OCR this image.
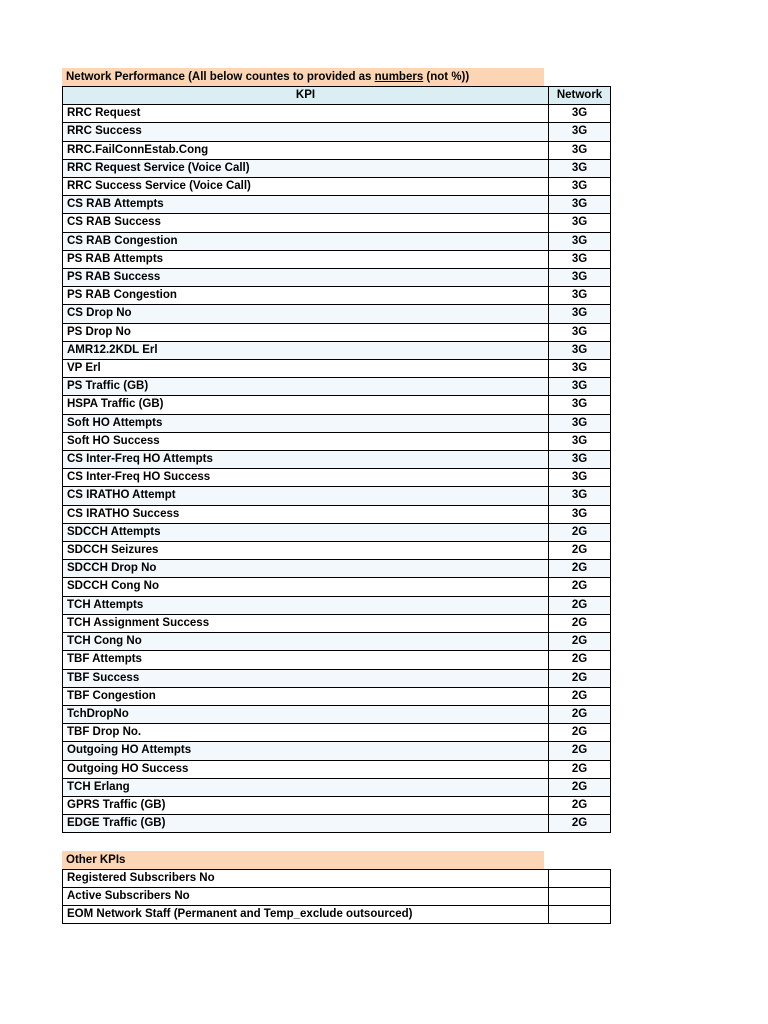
Network Performance (All below countes to provided as numbers (not %))
KPI	Network
RRC Request	3G
RRC Success	3G
RRC.FailConnEstab.Cong	3G
RRC Request Service (Voice Call)	3G
RRC Success Service (Voice Call)	3G
CS RAB Attempts	3G
CS RAB Success	3G
CS RAB Congestion	3G
PS RAB Attempts	3G
PS RAB Success	3G
PS RAB Congestion	3G
CS Drop No	3G
PS Drop No	3G
AMR12.2KDL Erl	3G
VP Erl	3G
PS Traffic (GB)	3G
HSPA Traffic (GB)	3G
Soft HO Attempts	3G
Soft HO Success	3G
CS Inter-Freq HO Attempts	3G
CS Inter-Freq HO Success	3G
CS IRATHO Attempt	3G
CS IRATHO Success	3G
SDCCH Attempts	2G
SDCCH Seizures	2G
SDCCH Drop No	2G
SDCCH Cong No	2G
TCH Attempts	2G
TCH Assignment Success	2G
TCH Cong No	2G
TBF Attempts	2G
TBF Success	2G
TBF Congestion	2G
TchDropNo	2G
TBF Drop No.	2G
Outgoing HO Attempts	2G
Outgoing HO Success	2G
TCH Erlang	2G
GPRS Traffic (GB)	2G
EDGE Traffic (GB)	2G
Other KPIs
Registered Subscribers No	
Active Subscribers No	
EOM Network Staff (Permanent and Temp_exclude outsourced)	
